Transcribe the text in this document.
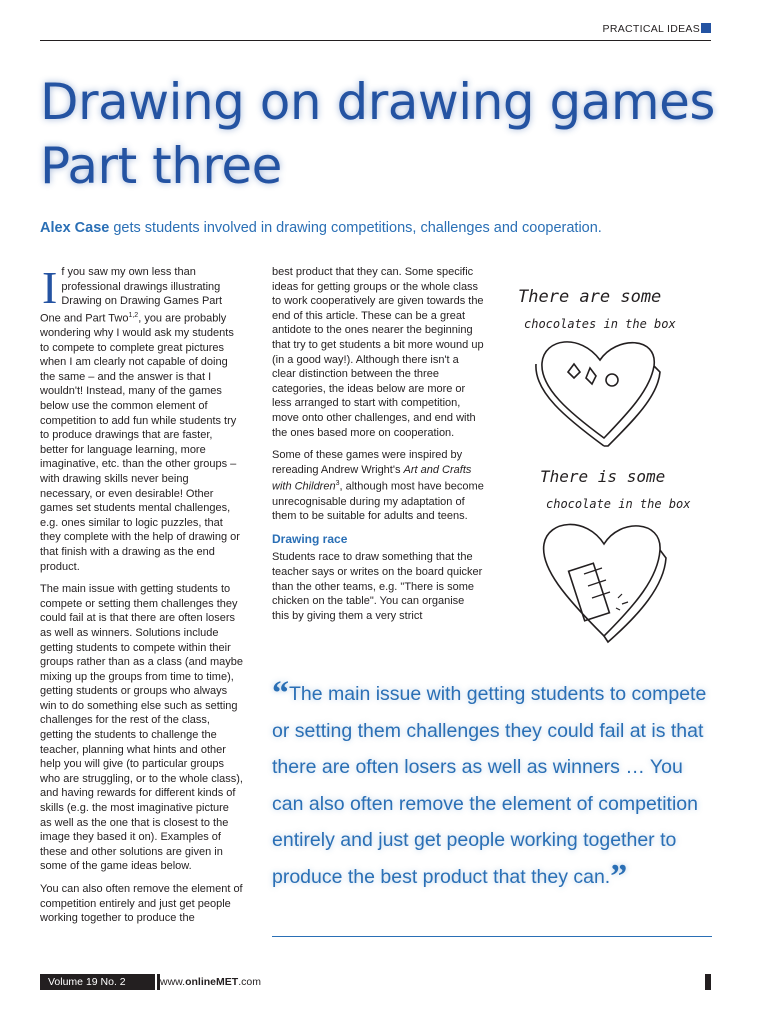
PRACTICAL IDEAS
Drawing on drawing games
Part three
Alex Case gets students involved in drawing competitions, challenges and cooperation.

If you saw my own less than professional drawings illustrating Drawing on Drawing Games Part One and Part Two$^{1,2}$, you are probably wondering why I would ask my students to compete to complete great pictures when I am clearly not capable of doing the same – and the answer is that I wouldn't! Instead, many of the games below use the common element of competition to add fun while students try to produce drawings that are faster, better for language learning, more imaginative, etc. than the other groups – with drawing skills never being necessary, or even desirable! Other games set students mental challenges, e.g. ones similar to logic puzzles, that they complete with the help of drawing or that finish with a drawing as the end product.

The main issue with getting students to compete or setting them challenges they could fail at is that there are often losers as well as winners. Solutions include getting students to compete within their groups rather than as a class (and maybe mixing up the groups from time to time), getting students or groups who always win to do something else such as setting challenges for the rest of the class, getting the students to challenge the teacher, planning what hints and other help you will give (to particular groups who are struggling, or to the whole class), and having rewards for different kinds of skills (e.g. the most imaginative picture as well as the one that is closest to the image they based it on). Examples of these and other solutions are given in some of the game ideas below.

You can also often remove the element of competition entirely and just get people working together to produce the

best product that they can. Some specific ideas for getting groups or the whole class to work cooperatively are given towards the end of this article. These can be a great antidote to the ones nearer the beginning that try to get students a bit more wound up (in a good way!). Although there isn't a clear distinction between the three categories, the ideas below are more or less arranged to start with competition, move onto other challenges, and end with the ones based more on cooperation.

Some of these games were inspired by rereading Andrew Wright's Art and Crafts with Children$^3$, although most have become unrecognisable during my adaptation of them to be suitable for adults and teens.

Drawing race

Students race to draw something that the teacher says or writes on the board quicker than the other teams, e.g. "There is some chicken on the table". You can organise this by giving them a very strict

There are some
chocolates in the box
There is some
chocolate in the box
“The main issue with getting students to compete or setting them challenges they could fail at is that there are often losers as well as winners … You can also often remove the element of competition entirely and just get people working together to produce the best product that they can.”
Volume 19 No. 2	www.onlineMET.com	21
